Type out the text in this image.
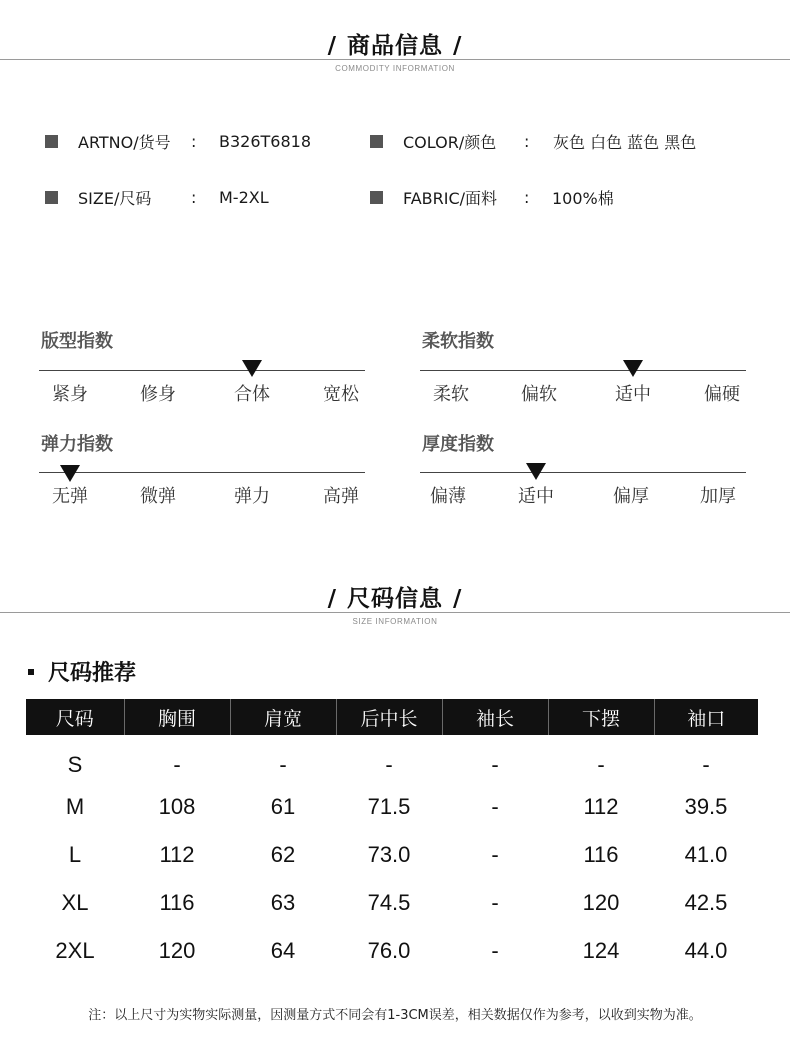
/ 商品信息 /
COMMODITY INFORMATION
ARTNO/货号 : B326T6818	COLOR/颜色 : 灰色 白色 蓝色 黑色
SIZE/尺码 : M-2XL	FABRIC/面料 : 100%棉
版型指数
紧身	修身	合体	宽松
柔软指数
柔软	偏软	适中	偏硬
弹力指数
无弹	微弹	弹力	高弹
厚度指数
偏薄	适中	偏厚	加厚
/ 尺码信息 /
SIZE INFORMATION
尺码推荐
尺码	胸围	肩宽	后中长	袖长	下摆	袖口
S	-	-	-	-	-	-
M	108	61	71.5	-	112	39.5
L	112	62	73.0	-	116	41.0
XL	116	63	74.5	-	120	42.5
2XL	120	64	76.0	-	124	44.0
注：以上尺寸为实物实际测量，因测量方式不同会有1-3CM误差，相关数据仅作为参考，以收到实物为准。
